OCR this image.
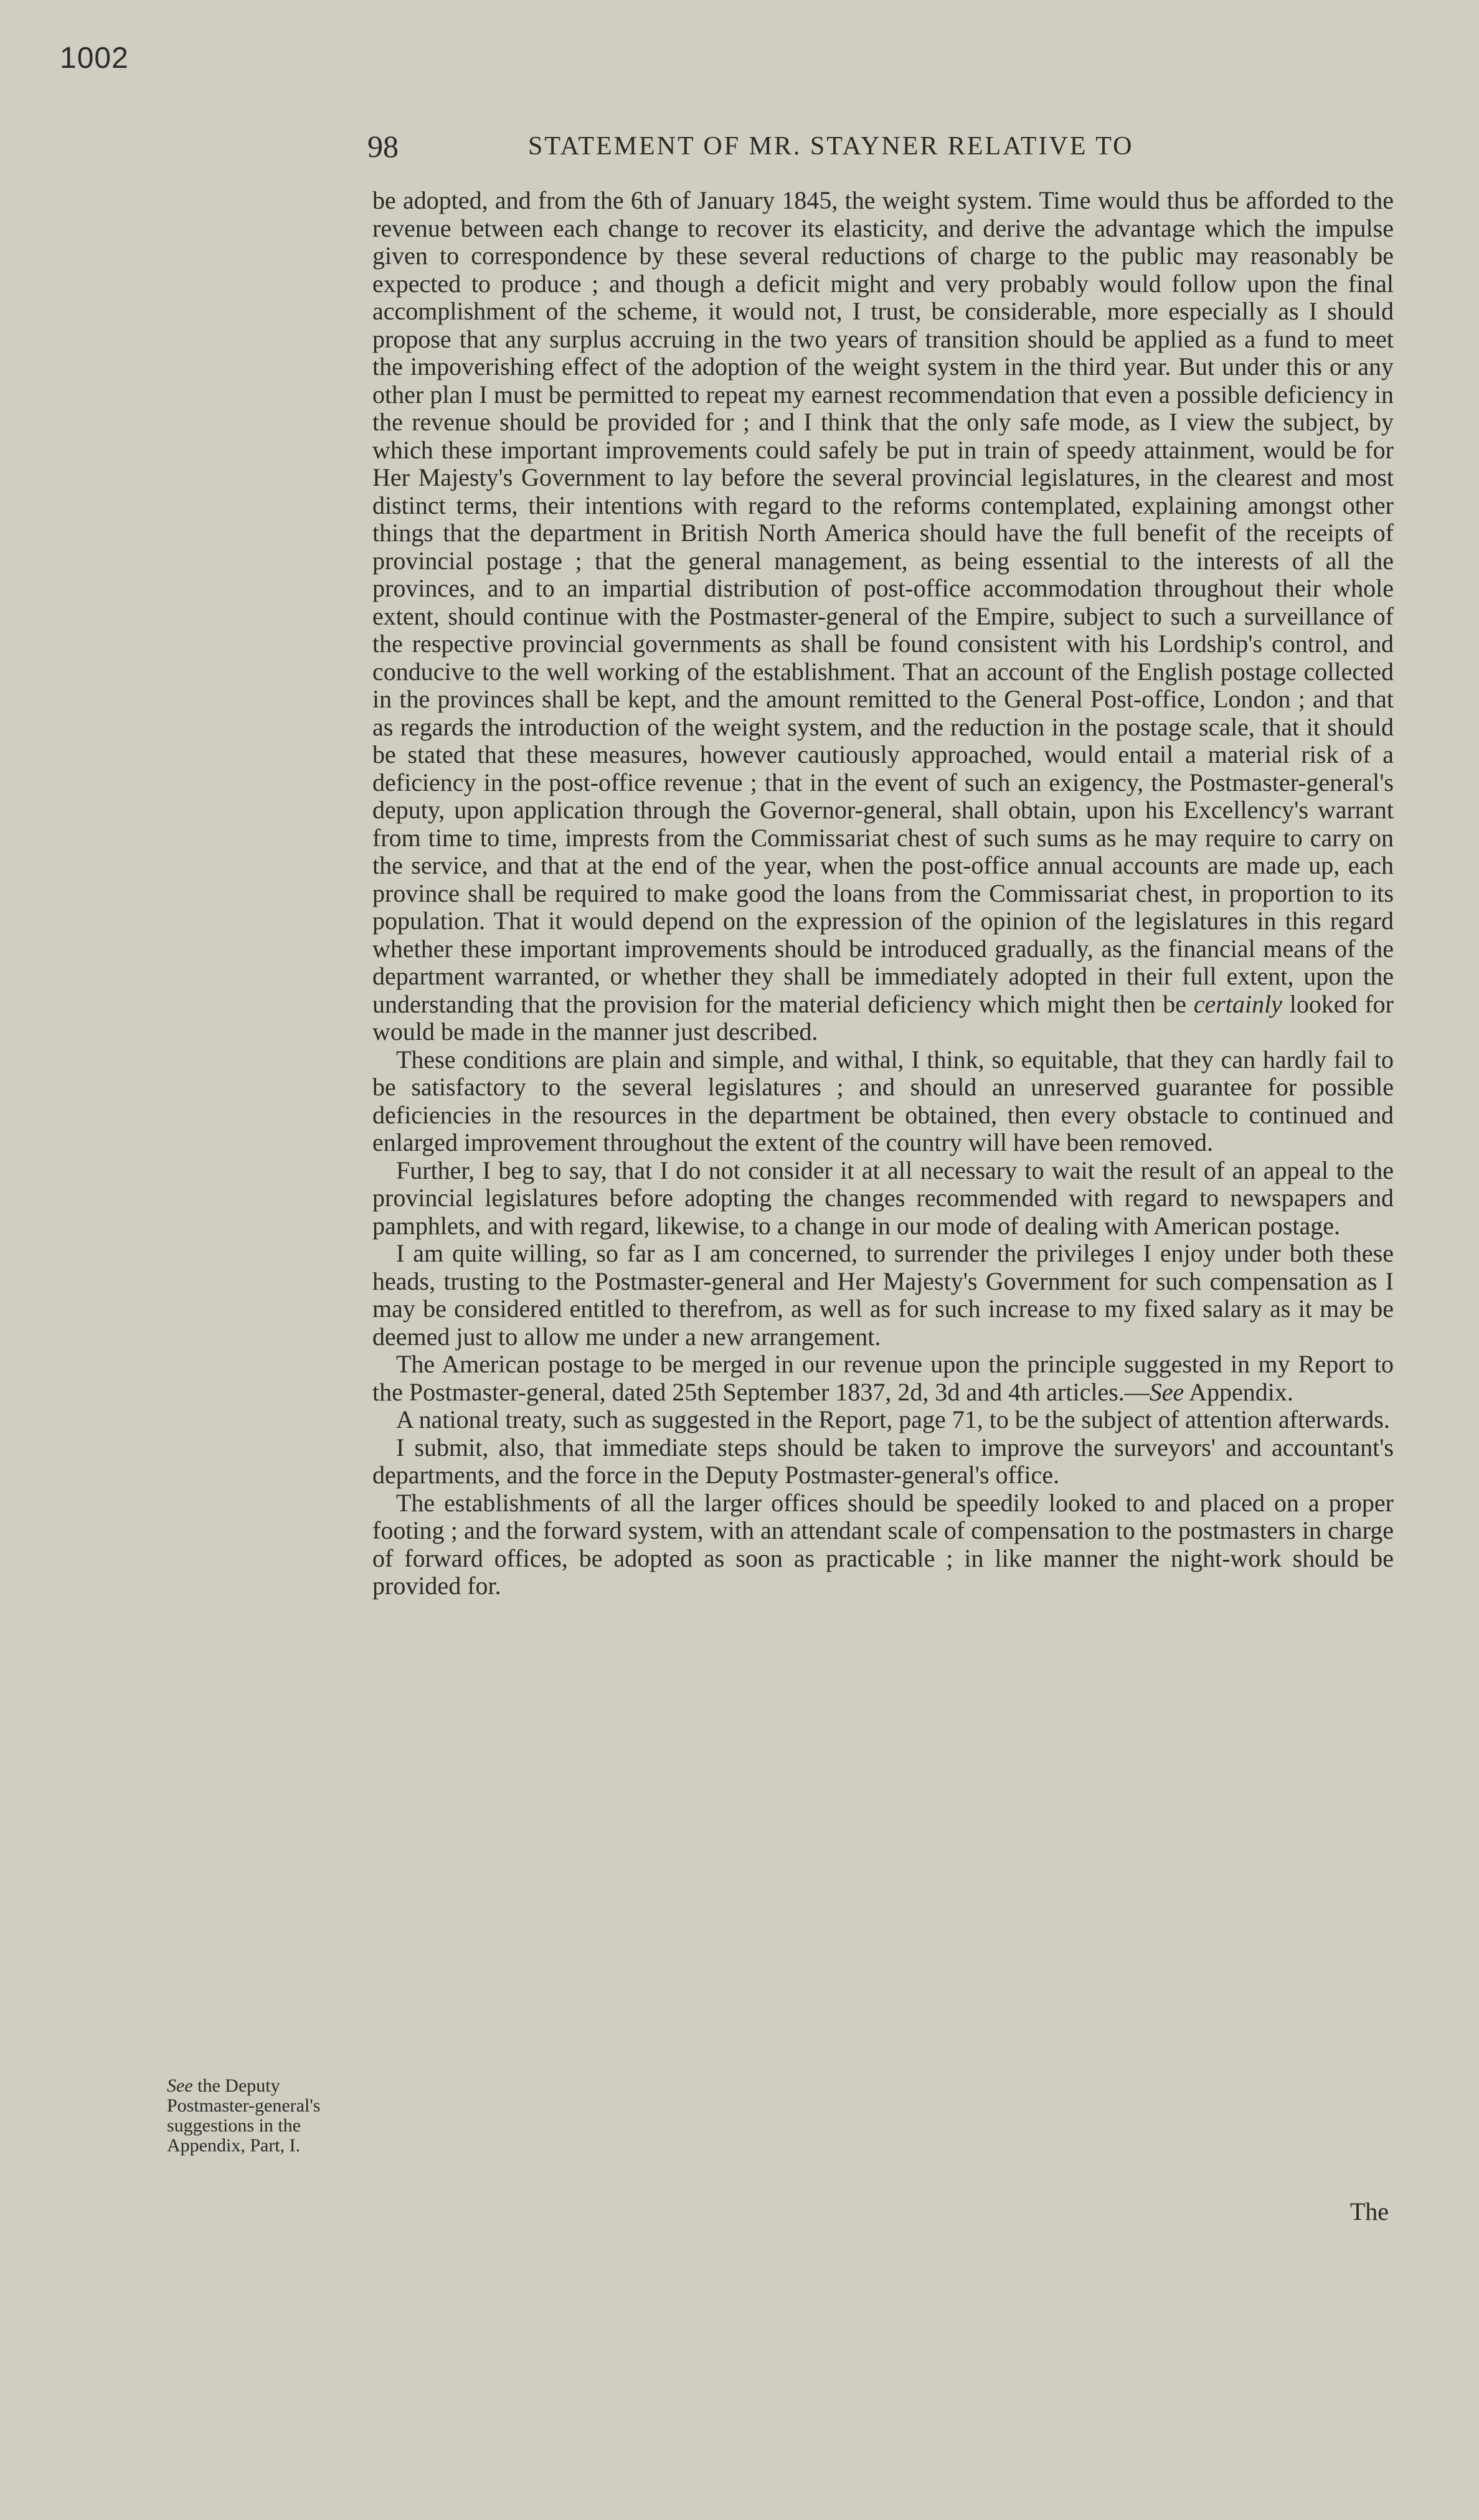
1002
98	STATEMENT OF MR. STAYNER RELATIVE TO

be adopted, and from the 6th of January 1845, the weight system. Time would thus be afforded to the revenue between each change to recover its elasticity, and derive the advantage which the impulse given to correspondence by these several reductions of charge to the public may reasonably be expected to produce ; and though a deficit might and very probably would follow upon the final accomplishment of the scheme, it would not, I trust, be considerable, more especially as I should propose that any surplus accruing in the two years of transition should be applied as a fund to meet the impoverishing effect of the adoption of the weight system in the third year. But under this or any other plan I must be permitted to repeat my earnest recommendation that even a possible deficiency in the revenue should be provided for ; and I think that the only safe mode, as I view the subject, by which these important improvements could safely be put in train of speedy attainment, would be for Her Majesty's Government to lay before the several provincial legislatures, in the clearest and most distinct terms, their intentions with regard to the reforms contemplated, explaining amongst other things that the department in British North America should have the full benefit of the receipts of provincial postage ; that the general management, as being essential to the interests of all the provinces, and to an impartial distribution of post-office accommodation throughout their whole extent, should continue with the Postmaster-general of the Empire, subject to such a surveillance of the respective provincial governments as shall be found consistent with his Lordship's control, and conducive to the well working of the establishment. That an account of the English postage collected in the provinces shall be kept, and the amount remitted to the General Post-office, London ; and that as regards the introduction of the weight system, and the reduction in the postage scale, that it should be stated that these measures, however cautiously approached, would entail a material risk of a deficiency in the post-office revenue ; that in the event of such an exigency, the Postmaster-general's deputy, upon application through the Governor-general, shall obtain, upon his Excellency's warrant from time to time, imprests from the Commissariat chest of such sums as he may require to carry on the service, and that at the end of the year, when the post-office annual accounts are made up, each province shall be required to make good the loans from the Commissariat chest, in proportion to its population. That it would depend on the expression of the opinion of the legislatures in this regard whether these important improvements should be introduced gradually, as the financial means of the department warranted, or whether they shall be immediately adopted in their full extent, upon the understanding that the provision for the material deficiency which might then be certainly looked for would be made in the manner just described.

These conditions are plain and simple, and withal, I think, so equitable, that they can hardly fail to be satisfactory to the several legislatures ; and should an unreserved guarantee for possible deficiencies in the resources in the department be obtained, then every obstacle to continued and enlarged improvement throughout the extent of the country will have been removed.

Further, I beg to say, that I do not consider it at all necessary to wait the result of an appeal to the provincial legislatures before adopting the changes recommended with regard to newspapers and pamphlets, and with regard, likewise, to a change in our mode of dealing with American postage.

I am quite willing, so far as I am concerned, to surrender the privileges I enjoy under both these heads, trusting to the Postmaster-general and Her Majesty's Government for such compensation as I may be considered entitled to therefrom, as well as for such increase to my fixed salary as it may be deemed just to allow me under a new arrangement.

The American postage to be merged in our revenue upon the principle suggested in my Report to the Postmaster-general, dated 25th September 1837, 2d, 3d and 4th articles.—See Appendix.

A national treaty, such as suggested in the Report, page 71, to be the subject of attention afterwards.

I submit, also, that immediate steps should be taken to improve the surveyors' and accountant's departments, and the force in the Deputy Postmaster-general's office.

The establishments of all the larger offices should be speedily looked to and placed on a proper footing ; and the forward system, with an attendant scale of compensation to the postmasters in charge of forward offices, be adopted as soon as practicable ; in like manner the night-work should be provided for.

The
See the Deputy
Postmaster-general's
suggestions in the
Appendix, Part, I.
